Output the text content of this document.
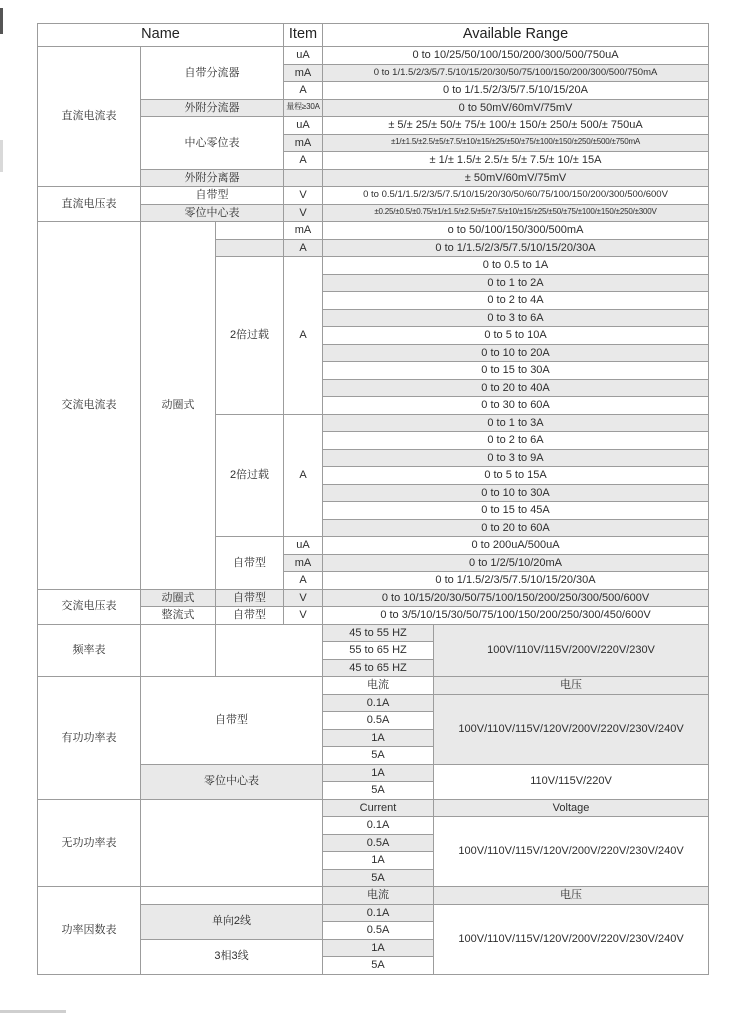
Name			Item	Available Range	
直流电流表	自带分流器		uA	0 to 10/25/50/100/150/200/300/500/750uA	
			mA	0 to 1/1.5/2/3/5/7.5/10/15/20/30/50/75/100/150/200/300/500/750mA	
			A	0 to 1/1.5/2/3/5/7.5/10/15/20A	
	外附分流器		量程≥30A	0 to 50mV/60mV/75mV	
	中心零位表		uA	± 5/± 25/± 50/± 75/± 100/± 150/± 250/± 500/± 750uA	
			mA	±1/±1.5/±2.5/±5/±7.5/±10/±15/±25/±50/±75/±100/±150/±250/±500/±750mA	
			A	± 1/± 1.5/± 2.5/± 5/± 7.5/± 10/± 15A	
	外附分离器			± 50mV/60mV/75mV	
直流电压表	自带型		V	0 to 0.5/1/1.5/2/3/5/7.5/10/15/20/30/50/60/75/100/150/200/300/500/600V	
	零位中心表		V	±0.25/±0.5/±0.75/±1/±1.5/±2.5/±5/±7.5/±10/±15/±25/±50/±75/±100/±150/±250/±300V	
交流电流表	动圈式		mA	o to 50/100/150/300/500mA	
			A	0 to 1/1.5/2/3/5/7.5/10/15/20/30A	
		2倍过载	A	0 to 0.5 to 1A	
				0 to 1 to 2A	
				0 to 2 to 4A	
				0 to 3 to 6A	
				0 to 5 to 10A	
				0 to 10 to 20A	
				0 to 15 to 30A	
				0 to 20 to 40A	
				0 to 30 to 60A	
		2倍过载	A	0 to 1 to 3A	
				0 to 2 to 6A	
				0 to 3 to 9A	
				0 to 5 to 15A	
				0 to 10 to 30A	
				0 to 15 to 45A	
				0 to 20 to 60A	
		自带型	uA	0 to 200uA/500uA	
			mA	0 to 1/2/5/10/20mA	
			A	0 to 1/1.5/2/3/5/7.5/10/15/20/30A	
交流电压表	动圈式	自带型	V	0 to 10/15/20/30/50/75/100/150/200/250/300/500/600V	
	整流式	自带型	V	0 to 3/5/10/15/30/50/75/100/150/200/250/300/450/600V	
频率表				45 to 55 HZ	100V/110V/115V/200V/220V/230V
				55 to 65 HZ	
				45 to 65 HZ	
有功功率表	自带型			电流	电压
				0.1A	100V/110V/115V/120V/200V/220V/230V/240V
				0.5A	
				1A	
				5A	
	零位中心表			1A	110V/115V/220V
				5A	
无功功率表				Current	Voltage
				0.1A	100V/110V/115V/120V/200V/220V/230V/240V
				0.5A	
				1A	
				5A	
功率因数表				电流	电压
	单向2线			0.1A	100V/110V/115V/120V/200V/220V/230V/240V
				0.5A	
	3相3线			1A	
				5A	
